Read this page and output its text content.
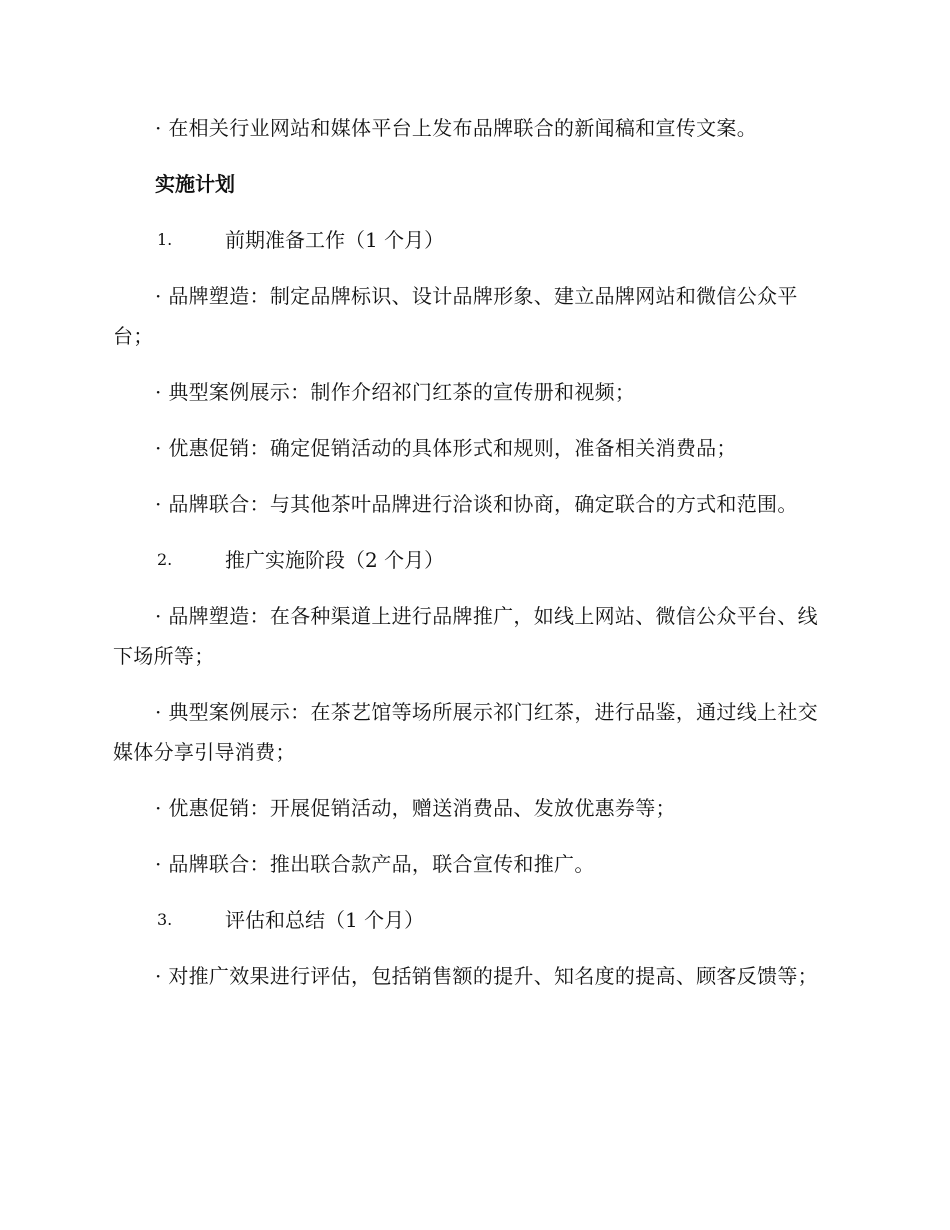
· 在相关行业网站和媒体平台上发布品牌联合的新闻稿和宣传文案。

实施计划

1.	前期准备工作（1 个月）

· 品牌塑造：制定品牌标识、设计品牌形象、建立品牌网站和微信公众平台；

· 典型案例展示：制作介绍祁门红茶的宣传册和视频；

· 优惠促销：确定促销活动的具体形式和规则，准备相关消费品；

· 品牌联合：与其他茶叶品牌进行洽谈和协商，确定联合的方式和范围。

2.	推广实施阶段（2 个月）

· 品牌塑造：在各种渠道上进行品牌推广，如线上网站、微信公众平台、线下场所等；

· 典型案例展示：在茶艺馆等场所展示祁门红茶，进行品鉴，通过线上社交媒体分享引导消费；

· 优惠促销：开展促销活动，赠送消费品、发放优惠券等；

· 品牌联合：推出联合款产品，联合宣传和推广。

3.	评估和总结（1 个月）

· 对推广效果进行评估，包括销售额的提升、知名度的提高、顾客反馈等；
